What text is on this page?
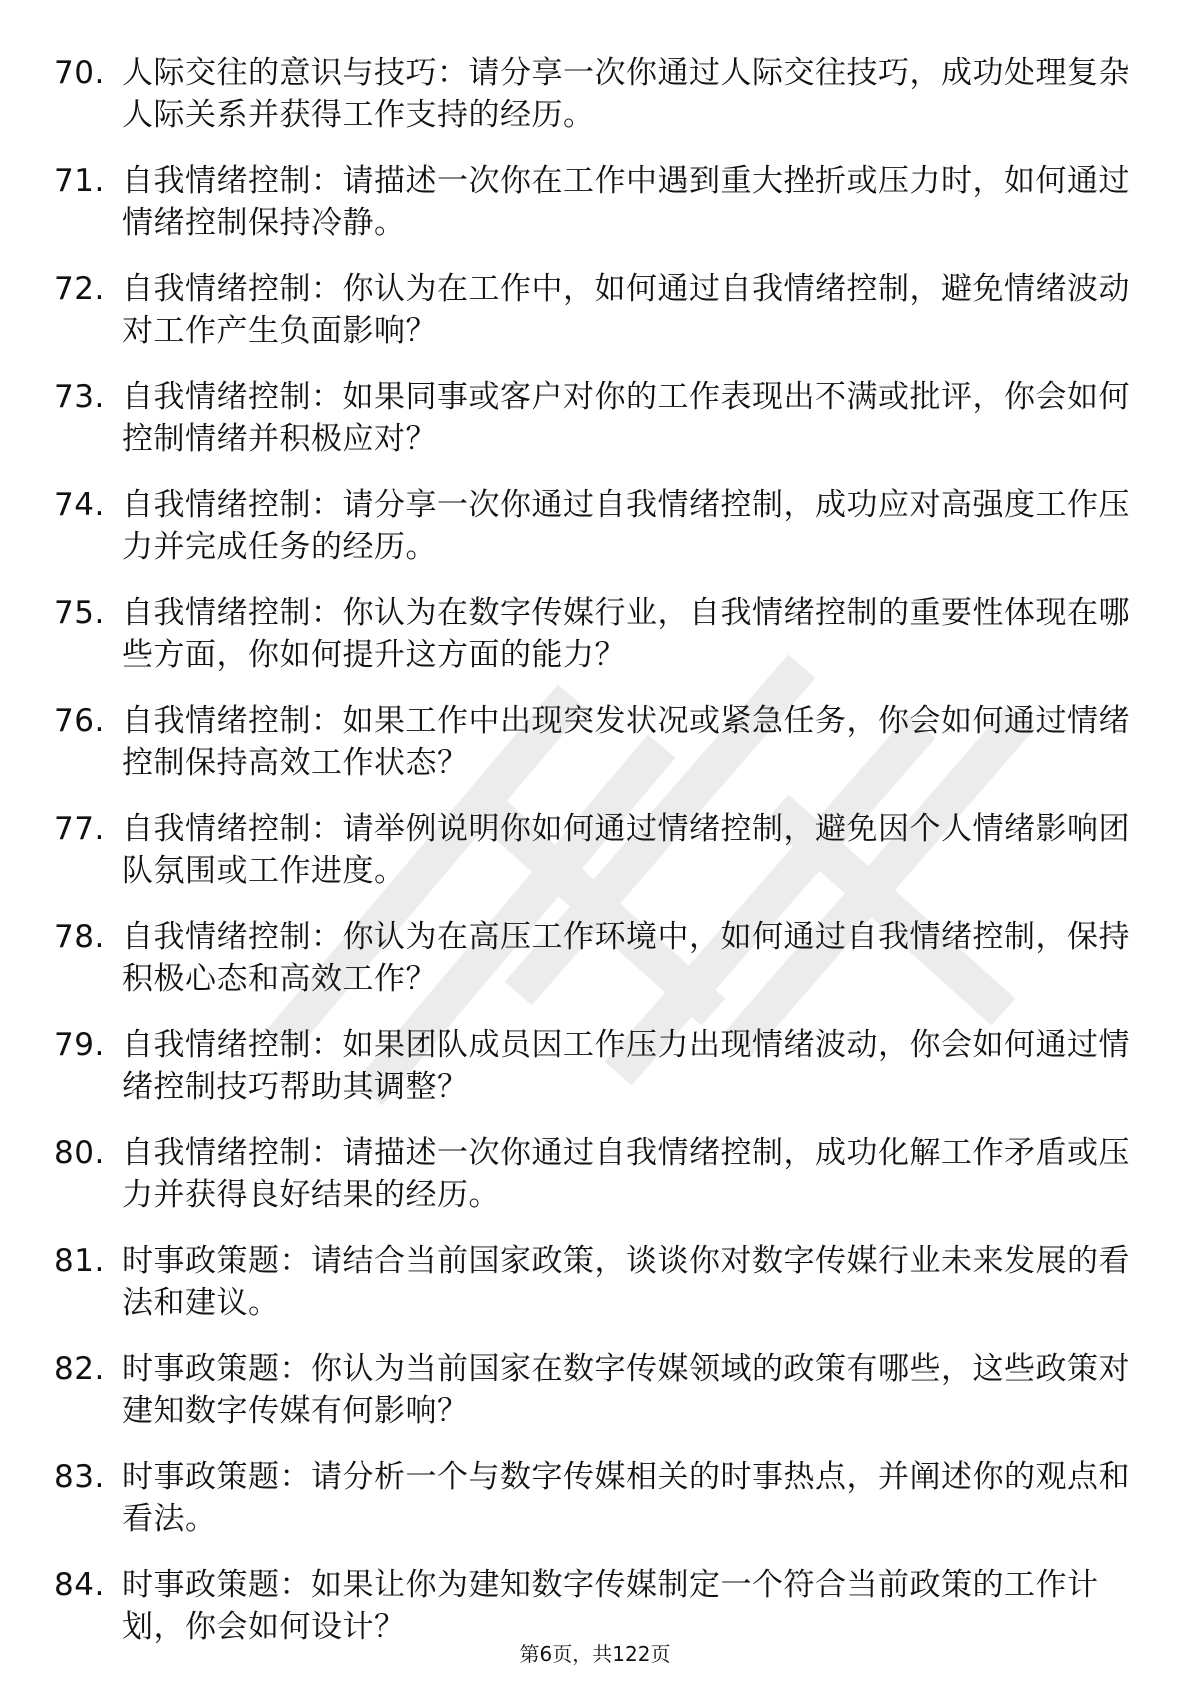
70. 人际交往的意识与技巧：请分享一次你通过人际交往技巧，成功处理复杂人际关系并获得工作支持的经历。
71. 自我情绪控制：请描述一次你在工作中遇到重大挫折或压力时，如何通过情绪控制保持冷静。
72. 自我情绪控制：你认为在工作中，如何通过自我情绪控制，避免情绪波动对工作产生负面影响？
73. 自我情绪控制：如果同事或客户对你的工作表现出不满或批评，你会如何控制情绪并积极应对？
74. 自我情绪控制：请分享一次你通过自我情绪控制，成功应对高强度工作压力并完成任务的经历。
75. 自我情绪控制：你认为在数字传媒行业，自我情绪控制的重要性体现在哪些方面，你如何提升这方面的能力？
76. 自我情绪控制：如果工作中出现突发状况或紧急任务，你会如何通过情绪控制保持高效工作状态？
77. 自我情绪控制：请举例说明你如何通过情绪控制，避免因个人情绪影响团队氛围或工作进度。
78. 自我情绪控制：你认为在高压工作环境中，如何通过自我情绪控制，保持积极心态和高效工作？
79. 自我情绪控制：如果团队成员因工作压力出现情绪波动，你会如何通过情绪控制技巧帮助其调整？
80. 自我情绪控制：请描述一次你通过自我情绪控制，成功化解工作矛盾或压力并获得良好结果的经历。
81. 时事政策题：请结合当前国家政策，谈谈你对数字传媒行业未来发展的看法和建议。
82. 时事政策题：你认为当前国家在数字传媒领域的政策有哪些，这些政策对建知数字传媒有何影响？
83. 时事政策题：请分析一个与数字传媒相关的时事热点，并阐述你的观点和看法。
84. 时事政策题：如果让你为建知数字传媒制定一个符合当前政策的工作计划，你会如何设计？
第6页，共122页
